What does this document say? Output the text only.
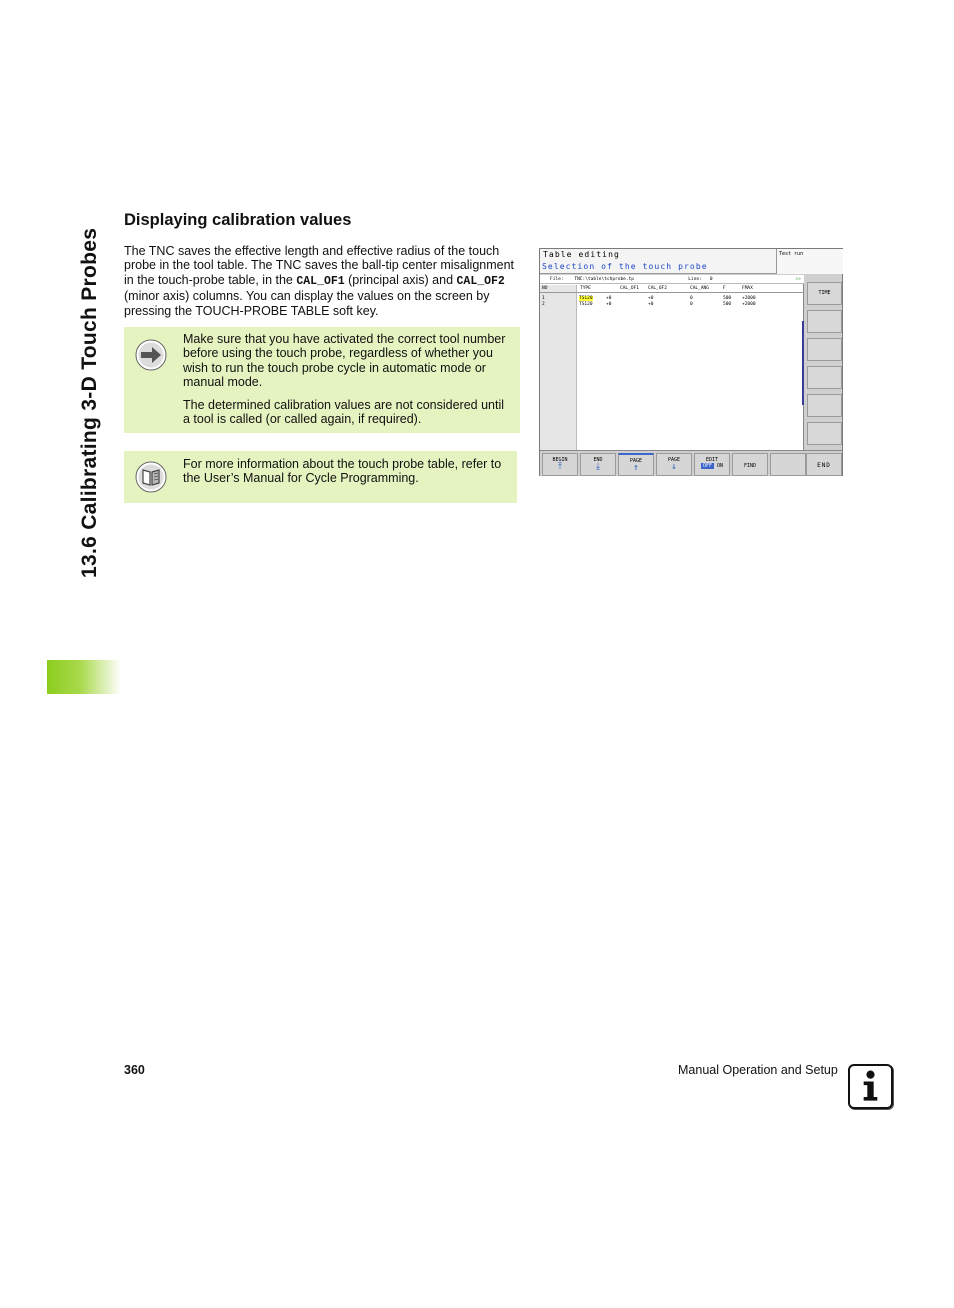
13.6 Calibrating 3-D Touch Probes
Displaying calibration values

The TNC saves the effective length and effective radius of the touch probe in the tool table. The TNC saves the ball-tip center misalignment in the touch-probe table, in the CAL_OF1 (principal axis) and CAL_OF2 (minor axis) columns. You can display the values on the screen by pressing the TOUCH-PROBE TABLE soft key.

Make sure that you have activated the correct tool number before using the touch probe, regardless of whether you wish to run the touch probe cycle in automatic mode or manual mode.

The determined calibration values are not considered until a tool is called (or called again, if required).

For more information about the touch probe table, refer to the User’s Manual for Cycle Programming.

Table editing
Selection of the touch probe
Test run
File: TNC:\table\tchprobe.tp	Line: 0	>>
NO	TYPE	CAL_OF1 CAL_OF2	CAL_ANG	F	FMAX
1	TS120	+0	+0	0	500 +2000
2	TS120	+0	+0	0	500 +2000
TIME
BEGIN
⤒
END
⤓
PAGE
↑
PAGE
↓
EDIT
OFF ON	FIND	END
360	Manual Operation and Setup
